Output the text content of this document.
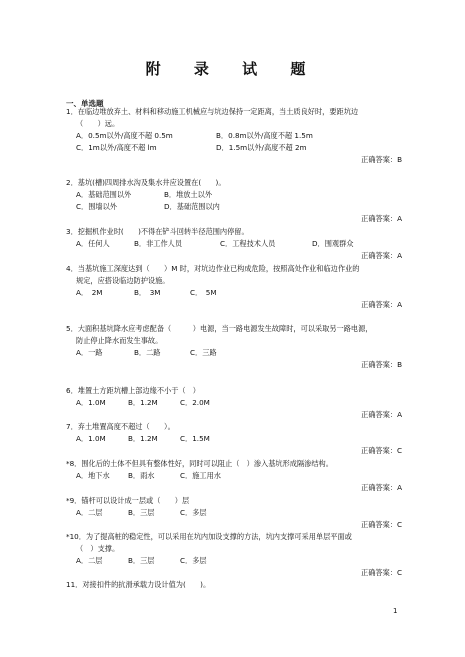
附 录 试 题
一、单选题
1．在临边堆放弃土、材料和移动施工机械应与坑边保持一定距离，当土质良好时，要距坑边
（　　）远。
A．0.5m以外/高度不超 0.5m	B．0.8m以外/高度不超 1.5m
C．1m以外/高度不超 lm	D．1.5m以外/高度不超 2m
正确答案：B
2．基坑(槽)四周排水沟及集水井应设置在(　　)。
A．基础范围以外	B．堆放土以外
C．围墙以外	D．基础范围以内
正确答案：A
3．挖掘机作业时(　　)不得在铲斗回转半径范围内停留。
A．任何人	B．非工作人员	C．工程技术人员	D．围观群众
正确答案：A
4．当基坑施工深度达到（　　）M 时，对坑边作业已构成危险，按照高处作业和临边作业的
规定，应搭设临边防护设施。
A．　2M	B．　3M	C．　5M
正确答案：A
5．大面积基坑降水应考虑配备（　　　）电源，当一路电源发生故障时，可以采取另一路电源，
防止停止降水而发生事故。
A．一路	B．二路	C．三路
正确答案：B
6．堆置土方距坑槽上部边缘不小于（　）
A．1.0M	B．1.2M	C．2.0M
正确答案：A
7．弃土堆置高度不超过（　　）。
A．1.0M	B．1.2M	C．1.5M
正确答案：C
*8．围化后的土体不但具有整体性好，同时可以阻止（　）渗入基坑形成隔渗结构。
A．地下水	B．雨水	C．施工用水
正确答案：A
*9．锚杆可以设计成一层或（　　）层
A．二层	B．三层	C．多层
正确答案：C
*10．为了提高桩的稳定性，可以采用在坑内加设支撑的方法，坑内支撑可采用单层平面或
（　）支撑。
A．二层	B．三层	C．多层
正确答案：C
11．对接扣件的抗滑承载力设计值为(　　)。
1
